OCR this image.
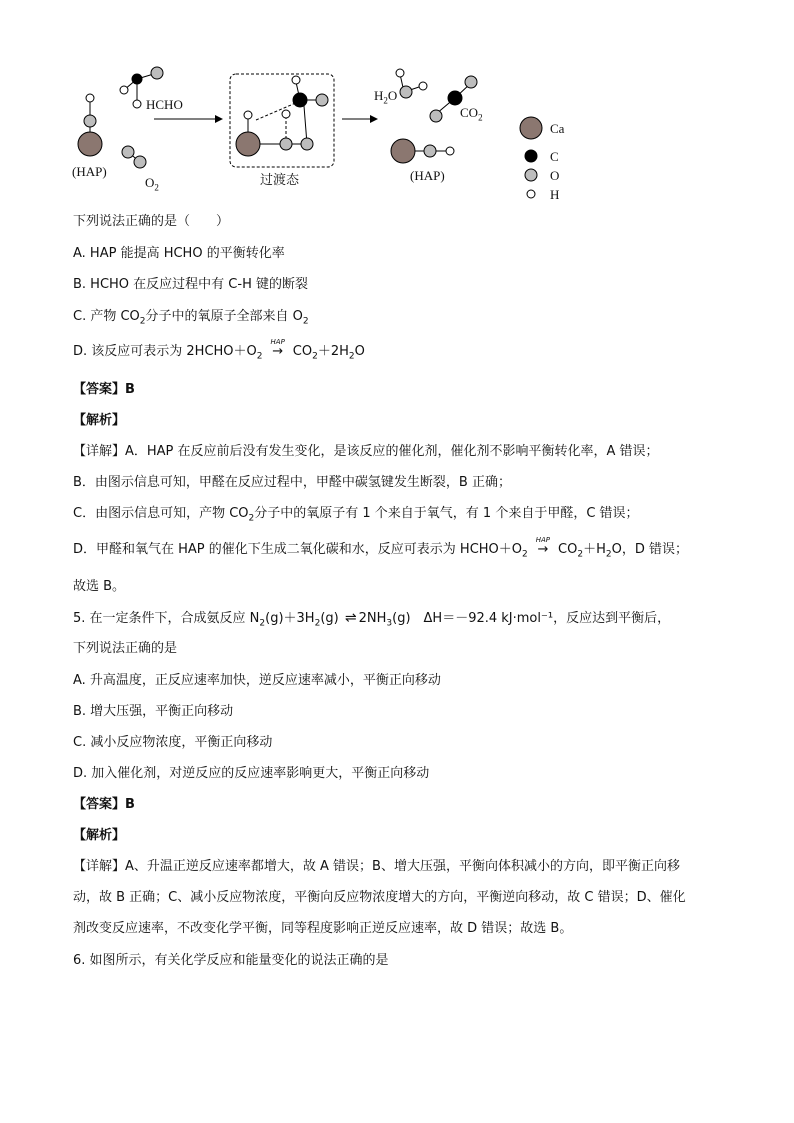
HCHO
(HAP)
$O_2$	过渡态
$H_2O$
$CO_2$
(HAP)
Ca
C
O
H
下列说法正确的是（　　）
A. HAP 能提高 HCHO 的平衡转化率
B. HCHO 在反应过程中有 C-H 键的断裂
C. 产物 $CO_2$分子中的氧原子全部来自 $O_2$
D. 该反应可表示为 $2HCHO+O_2$
HAP
→ $CO_2+2H_2O$
【答案】B
【解析】
【详解】A．HAP 在反应前后没有发生变化，是该反应的催化剂，催化剂不影响平衡转化率，A 错误；
B．由图示信息可知，甲醛在反应过程中，甲醛中碳氢键发生断裂，B 正确；
C．由图示信息可知，产物 $CO_2$分子中的氧原子有 1 个来自于氧气，有 1 个来自于甲醛，C 错误；
D．甲醛和氧气在 HAP 的催化下生成二氧化碳和水，反应可表示为 $HCHO+O_2$
HAP
→ $CO_2+H_2O$，D 错误；
故选 B。
5. 在一定条件下，合成氨反应 $N_2(g)+3H_2(g)$ ⇌ $2NH_3(g)$　ΔH＝－92.4 kJ·mol⁻¹，反应达到平衡后，
下列说法正确的是
A. 升高温度，正反应速率加快，逆反应速率减小，平衡正向移动
B. 增大压强，平衡正向移动
C. 减小反应物浓度，平衡正向移动
D. 加入催化剂，对逆反应的反应速率影响更大，平衡正向移动
【答案】B
【解析】
【详解】A、升温正逆反应速率都增大，故 A 错误；B、增大压强，平衡向体积减小的方向，即平衡正向移
动，故 B 正确；C、减小反应物浓度，平衡向反应物浓度增大的方向，平衡逆向移动，故 C 错误；D、催化
剂改变反应速率，不改变化学平衡，同等程度影响正逆反应速率，故 D 错误；故选 B。
6. 如图所示，有关化学反应和能量变化的说法正确的是
